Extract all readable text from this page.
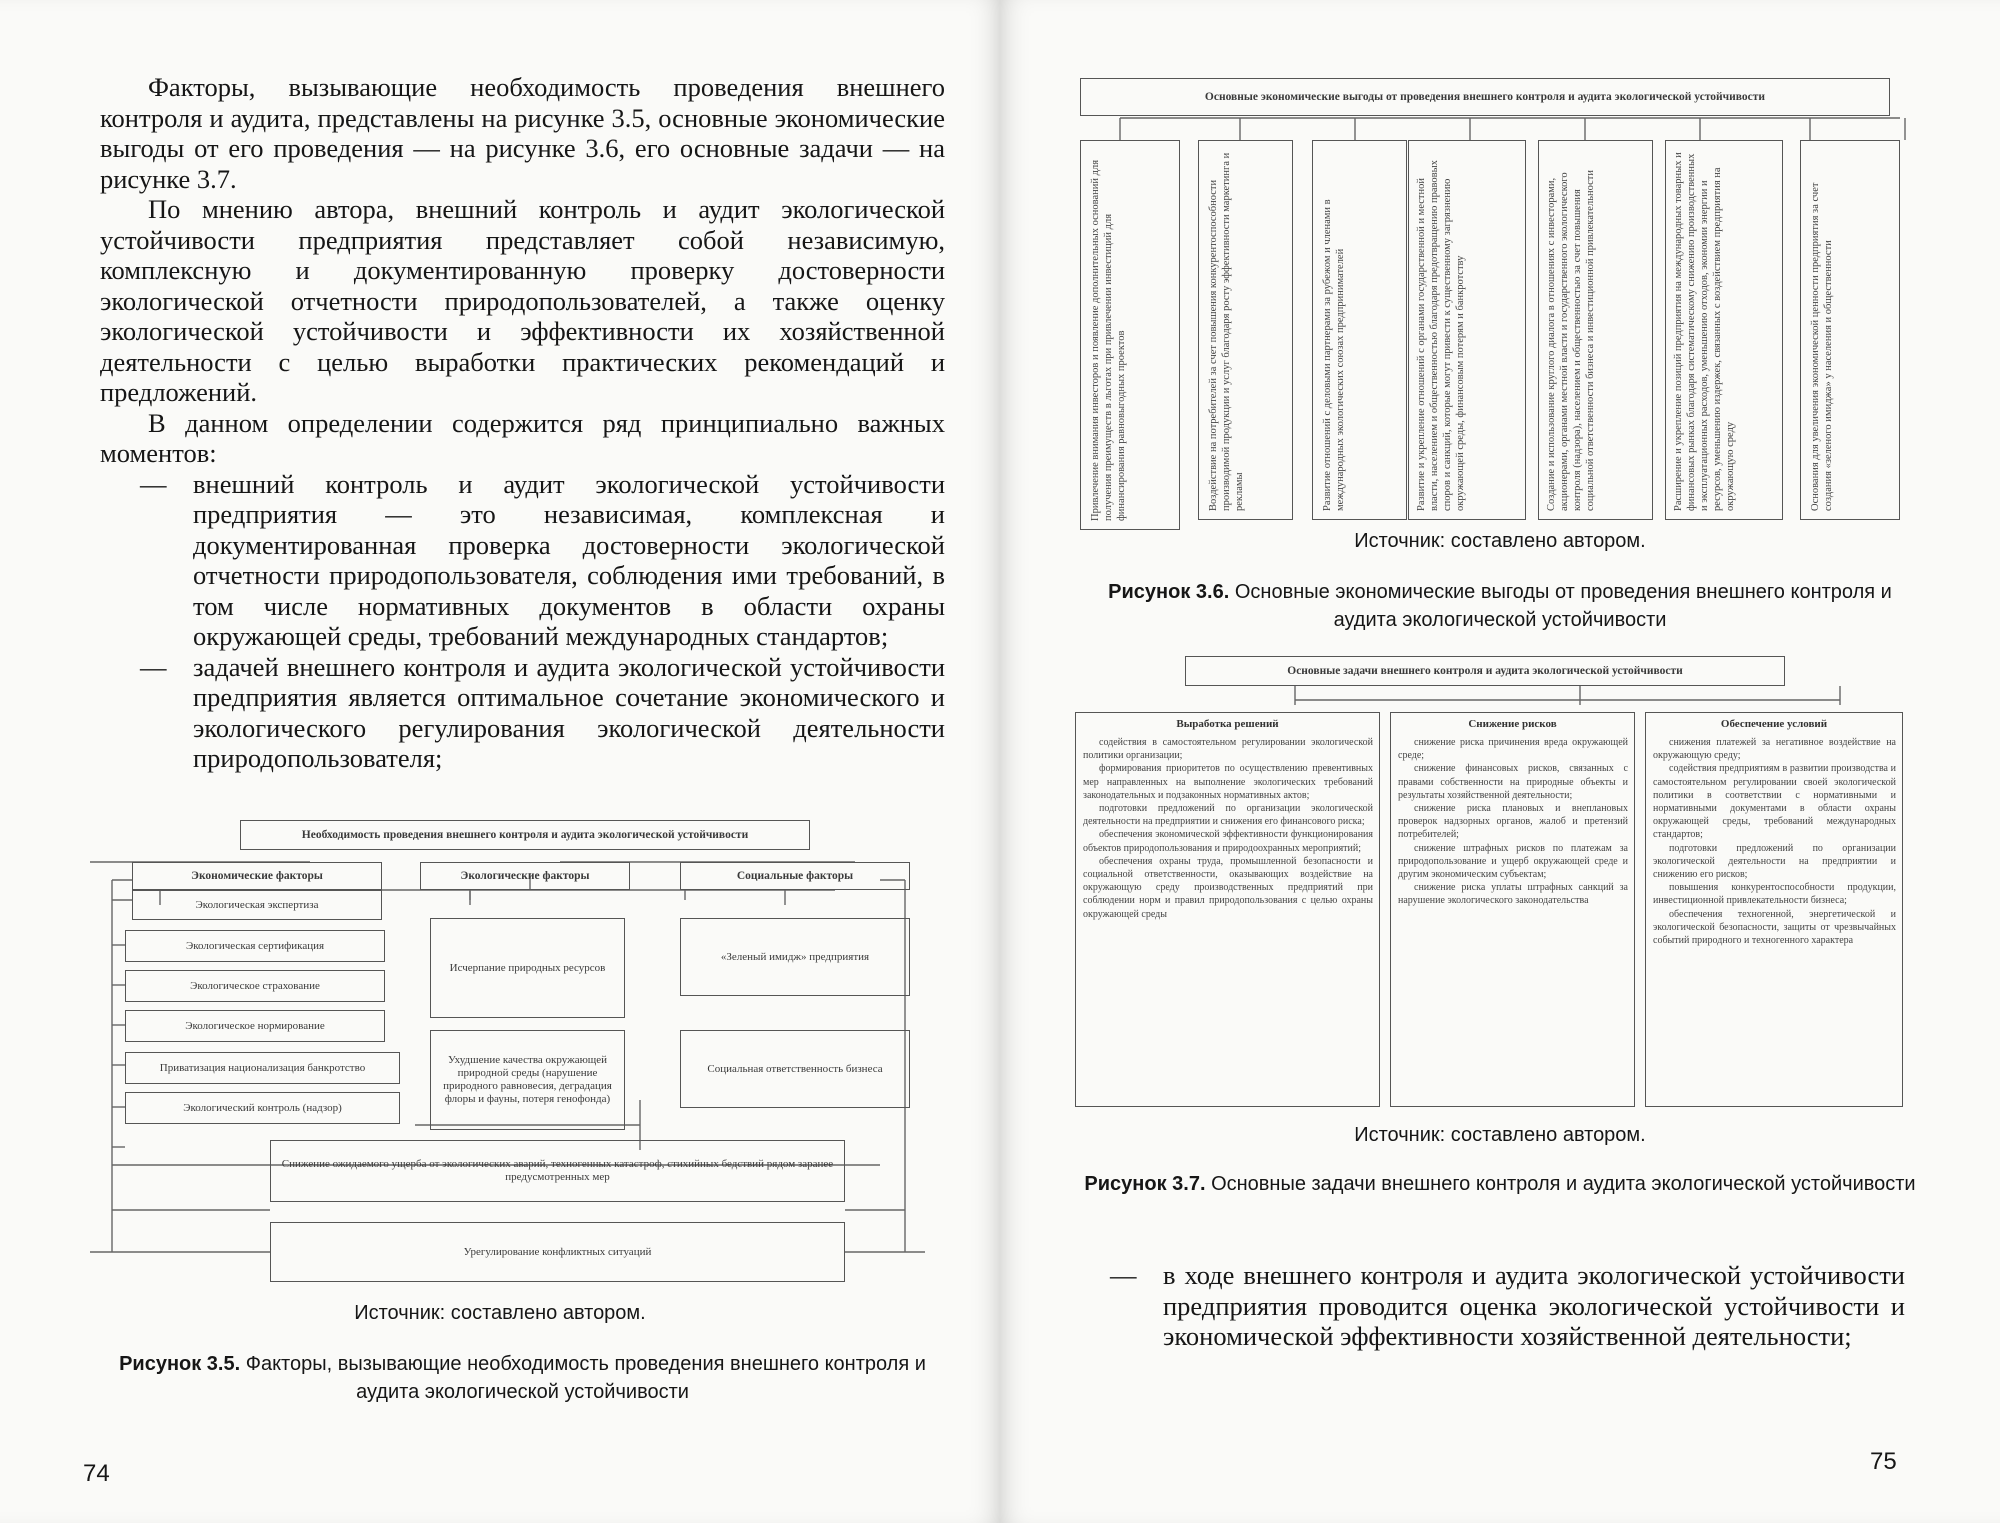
Факторы, вызывающие необходимость проведения внешнего контроля и аудита, представлены на рисунке 3.5, основные экономические выгоды от его проведения — на рисунке 3.6, его основные задачи — на рисунке 3.7.

По мнению автора, внешний контроль и аудит экологической устойчивости предприятия представляет собой независимую, комплексную и документированную проверку достоверности экологической отчетности природопользователей, а также оценку экологической устойчивости и эффективности их хозяйственной деятельности с целью выработки практических рекомендаций и предложений.

В данном определении содержится ряд принципиально важных моментов:

— внешний контроль и аудит экологической устойчивости предприятия — это независимая, комплексная и документированная проверка достоверности экологической отчетности природопользователя, соблюдения ими требований, в том числе нормативных документов в области охраны окружающей среды, требований международных стандартов;

— задачей внешнего контроля и аудита экологической устойчивости предприятия является оптимальное сочетание экономического и экологического регулирования экологической деятельности природопользователя;

Необходимость проведения внешнего контроля и аудита экологической устойчивости
Экономические факторы	Экологические факторы	Социальные факторы
Экологическая экспертиза
Экологическая сертификация
Экологическое страхование
Экологическое нормирование
Приватизация национализация банкротство
Экологический контроль (надзор)
Исчерпание природных ресурсов
Ухудшение качества окружающей природной среды (нарушение природного равновесия, деградация флоры и фауны, потеря генофонда)
«Зеленый имидж» предприятия
Социальная ответственность бизнеса
Снижение ожидаемого ущерба от экологических аварий, техногенных катастроф, стихийных бедствий рядом заранее предусмотренных мер
Урегулирование конфликтных ситуаций
Источник: составлено автором.
Рисунок 3.5. Факторы, вызывающие необходимость проведения внешнего контроля и аудита экологической устойчивости
74
Основные экономические выгоды от проведения внешнего контроля и аудита экологической устойчивости
Привлечение внимания инвесторов и появление дополнительных оснований для получения преимуществ в льготах при привлечении инвестиций для финансирования равновыгодных проектов	Воздействие на потребителей за счет повышения конкурентоспособности производимой продукции и услуг благодаря росту эффективности маркетинга и рекламы	Развитие отношений с деловыми партнерами за рубежом и членами в международных экологических союзах предпринимателей	Развитие и укрепление отношений с органами государственной и местной власти, населением и общественностью благодаря предотвращению правовых споров и санкций, которые могут привести к существенному загрязнению окружающей среды, финансовым потерям и банкротству	Создание и использование круглого диалога в отношениях с инвесторами, акционерами, органами местной власти и государственного экологического контроля (надзора), населением и общественностью за счет повышения социальной ответственности бизнеса и инвестиционной привлекательности	Расширение и укрепление позиций предприятия на международных товарных и финансовых рынках благодаря систематическому снижению производственных и эксплуатационных расходов, уменьшению отходов, экономии энергии и ресурсов, уменьшению издержек, связанных с воздействием предприятия на окружающую среду	Основания для увеличения экономической ценности предприятия за счет создания «зеленого имиджа» у населения и общественности
Источник: составлено автором.
Рисунок 3.6. Основные экономические выгоды от проведения внешнего контроля и аудита экологической устойчивости
Основные задачи внешнего контроля и аудита экологической устойчивости
Выработка решений	Снижение рисков	Обеспечение условий

содействия в самостоятельном регулировании экологической политики организации;

формирования приоритетов по осуществлению превентивных мер направленных на выполнение экологических требований законодательных и подзаконных нормативных актов;

подготовки предложений по организации экологической деятельности на предприятии и снижения его финансового риска;

обеспечения экономической эффективности функционирования объектов природопользования и природоохранных мероприятий;

обеспечения охраны труда, промышленной безопасности и социальной ответственности, оказывающих воздействие на окружающую среду производственных предприятий при соблюдении норм и правил природопользования с целью охраны окружающей среды

снижение риска причинения вреда окружающей среде;

снижение финансовых рисков, связанных с правами собственности на природные объекты и результаты хозяйственной деятельности;

снижение риска плановых и внеплановых проверок надзорных органов, жалоб и претензий потребителей;

снижение штрафных рисков по платежам за природопользование и ущерб окружающей среде и другим экономическим субъектам;

снижение риска уплаты штрафных санкций за нарушение экологического законодательства

снижения платежей за негативное воздействие на окружающую среду;

содействия предприятиям в развитии производства и самостоятельном регулировании своей экологической политики в соответствии с нормативными и нормативными документами в области охраны окружающей среды, требований международных стандартов;

подготовки предложений по организации экологической деятельности на предприятии и снижению его рисков;

повышения конкурентоспособности продукции, инвестиционной привлекательности бизнеса;

обеспечения техногенной, энергетической и экологической безопасности, защиты от чрезвычайных событий природного и техногенного характера

Источник: составлено автором.
Рисунок 3.7. Основные задачи внешнего контроля и аудита экологической устойчивости

— в ходе внешнего контроля и аудита экологической устойчивости предприятия проводится оценка экологической устойчивости и экономической эффективности хозяйственной деятельности;

75
